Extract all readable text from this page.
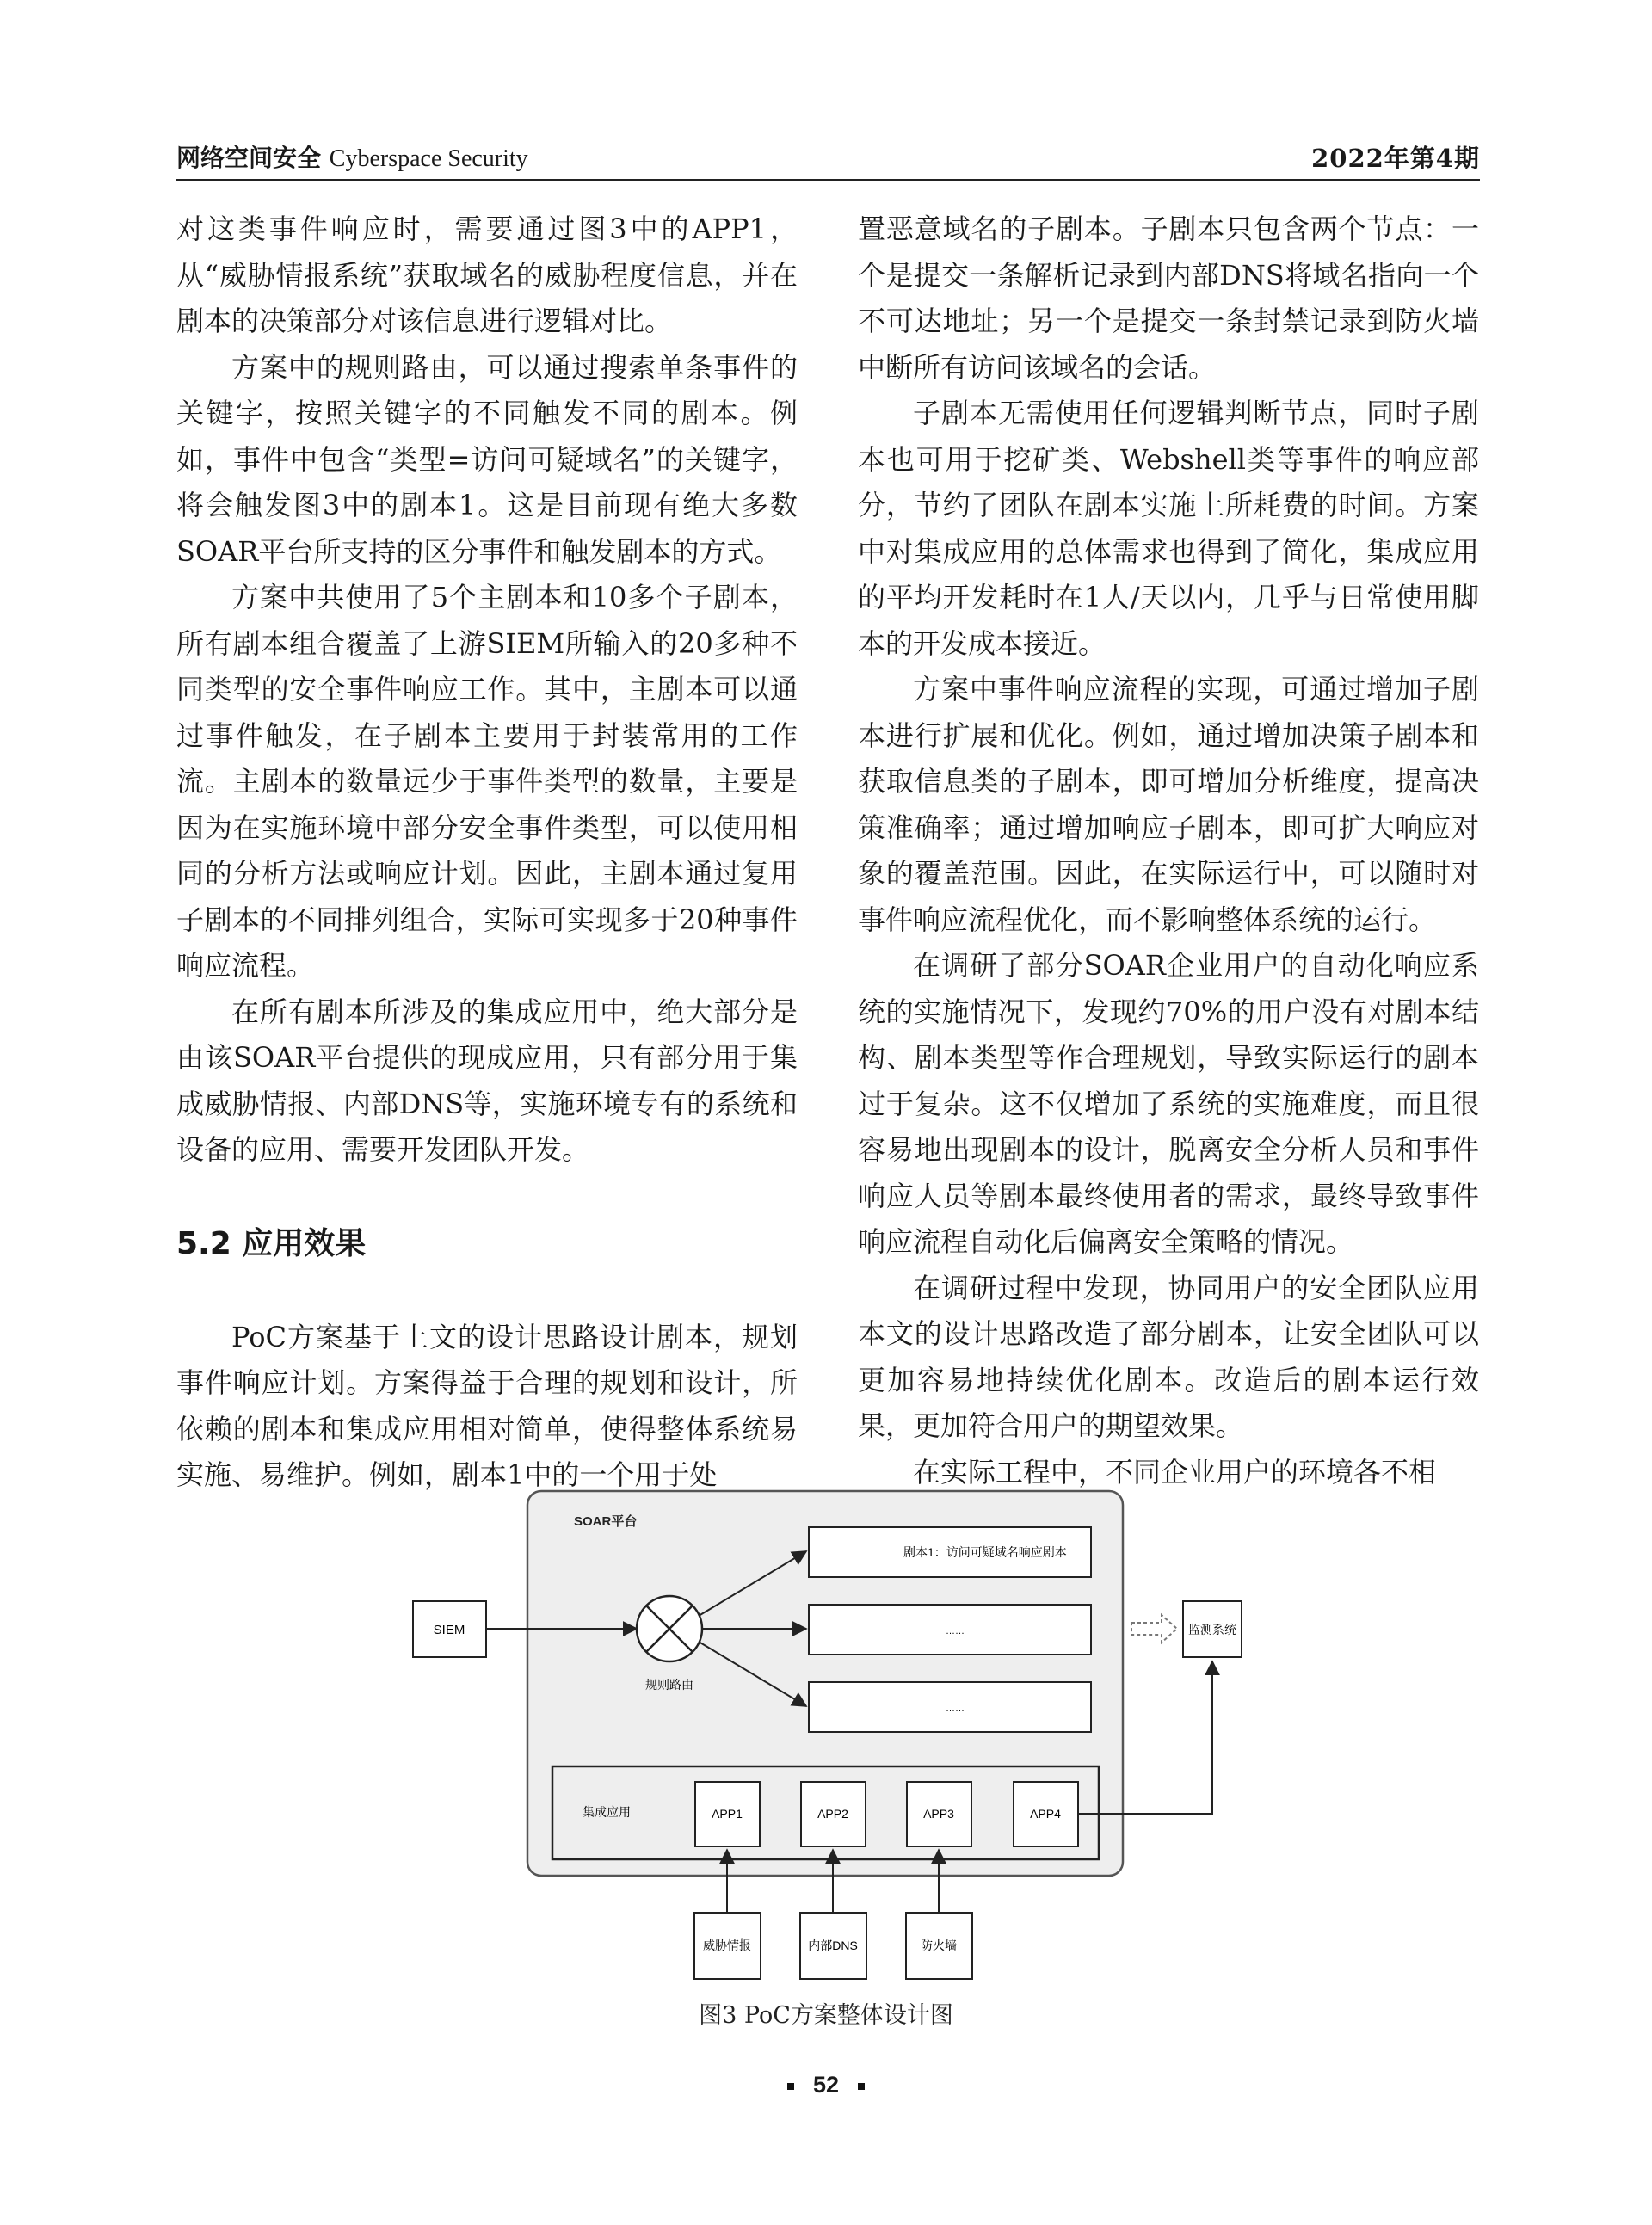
网络空间安全 Cyberspace Security	2022年第4期

对这类事件响应时，需要通过图3中的APP1，从“威胁情报系统”获取域名的威胁程度信息，并在剧本的决策部分对该信息进行逻辑对比。

方案中的规则路由，可以通过搜索单条事件的关键字，按照关键字的不同触发不同的剧本。例如，事件中包含“类型=访问可疑域名”的关键字，将会触发图3中的剧本1。这是目前现有绝大多数SOAR平台所支持的区分事件和触发剧本的方式。

方案中共使用了5个主剧本和10多个子剧本，所有剧本组合覆盖了上游SIEM所输入的20多种不同类型的安全事件响应工作。其中，主剧本可以通过事件触发，在子剧本主要用于封装常用的工作流。主剧本的数量远少于事件类型的数量，主要是因为在实施环境中部分安全事件类型，可以使用相同的分析方法或响应计划。因此，主剧本通过复用子剧本的不同排列组合，实际可实现多于20种事件响应流程。

在所有剧本所涉及的集成应用中，绝大部分是由该SOAR平台提供的现成应用，只有部分用于集成威胁情报、内部DNS等，实施环境专有的系统和设备的应用、需要开发团队开发。

5.2 应用效果

PoC方案基于上文的设计思路设计剧本，规划事件响应计划。方案得益于合理的规划和设计，所依赖的剧本和集成应用相对简单，使得整体系统易实施、易维护。例如，剧本1中的一个用于处

置恶意域名的子剧本。子剧本只包含两个节点：一个是提交一条解析记录到内部DNS将域名指向一个不可达地址；另一个是提交一条封禁记录到防火墙中断所有访问该域名的会话。

子剧本无需使用任何逻辑判断节点，同时子剧本也可用于挖矿类、Webshell类等事件的响应部分，节约了团队在剧本实施上所耗费的时间。方案中对集成应用的总体需求也得到了简化，集成应用的平均开发耗时在1人/天以内，几乎与日常使用脚本的开发成本接近。

方案中事件响应流程的实现，可通过增加子剧本进行扩展和优化。例如，通过增加决策子剧本和获取信息类的子剧本，即可增加分析维度，提高决策准确率；通过增加响应子剧本，即可扩大响应对象的覆盖范围。因此，在实际运行中，可以随时对事件响应流程优化，而不影响整体系统的运行。

在调研了部分SOAR企业用户的自动化响应系统的实施情况下，发现约70%的用户没有对剧本结构、剧本类型等作合理规划，导致实际运行的剧本过于复杂。这不仅增加了系统的实施难度，而且很容易地出现剧本的设计，脱离安全分析人员和事件响应人员等剧本最终使用者的需求，最终导致事件响应流程自动化后偏离安全策略的情况。

在调研过程中发现，协同用户的安全团队应用本文的设计思路改造了部分剧本，让安全团队可以更加容易地持续优化剧本。改造后的剧本运行效果，更加符合用户的期望效果。

在实际工程中，不同企业用户的环境各不相

SOAR平台
SIEM
规则路由
剧本1：访问可疑域名响应剧本
……
……
监测系统
集成应用	APP1	APP2	APP3	APP4
威胁情报	内部DNS	防火墙
图3 PoC方案整体设计图
52
